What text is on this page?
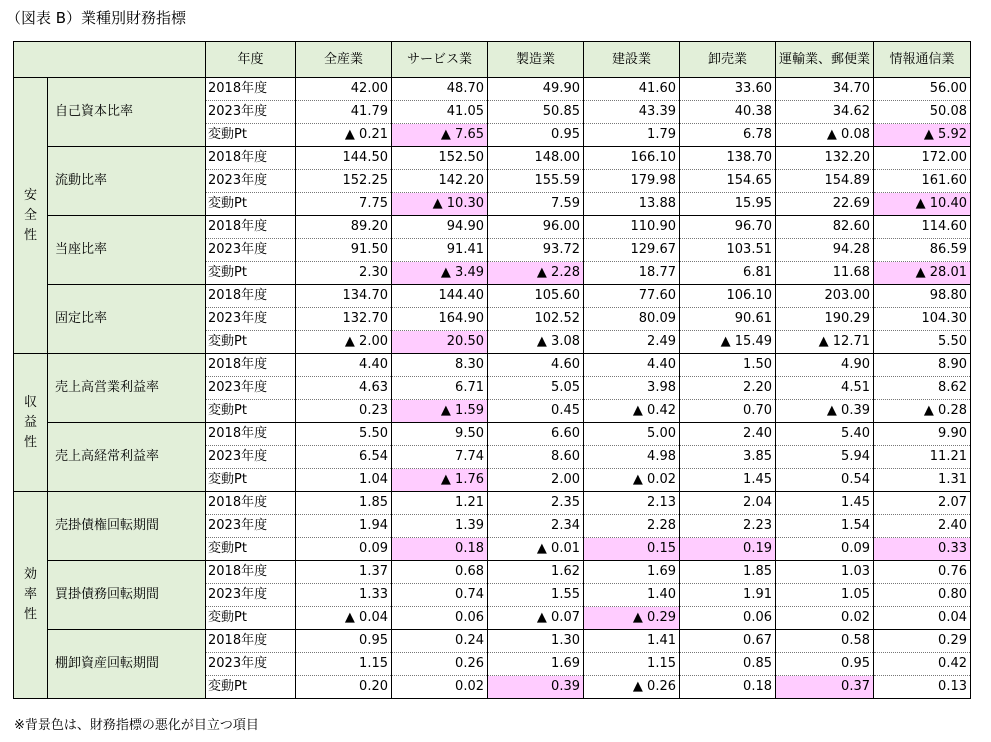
（図表 B）業種別財務指標
		年度	全産業	サービス業	製造業	建設業	卸売業	運輸業、郵便業	情報通信業

安全性	自己資本比率	2018年度	42.00	48.70	49.90	41.60	33.60	34.70	56.00
		2023年度	41.79	41.05	50.85	43.39	40.38	34.62	50.08
		変動Pt	▲ 0.21	▲ 7.65	0.95	1.79	6.78	▲ 0.08	▲ 5.92
	流動比率	2018年度	144.50	152.50	148.00	166.10	138.70	132.20	172.00
		2023年度	152.25	142.20	155.59	179.98	154.65	154.89	161.60
		変動Pt	7.75	▲ 10.30	7.59	13.88	15.95	22.69	▲ 10.40
	当座比率	2018年度	89.20	94.90	96.00	110.90	96.70	82.60	114.60
		2023年度	91.50	91.41	93.72	129.67	103.51	94.28	86.59
		変動Pt	2.30	▲ 3.49	▲ 2.28	18.77	6.81	11.68	▲ 28.01
	固定比率	2018年度	134.70	144.40	105.60	77.60	106.10	203.00	98.80
		2023年度	132.70	164.90	102.52	80.09	90.61	190.29	104.30
		変動Pt	▲ 2.00	20.50	▲ 3.08	2.49	▲ 15.49	▲ 12.71	5.50

収益性	売上高営業利益率	2018年度	4.40	8.30	4.60	4.40	1.50	4.90	8.90
		2023年度	4.63	6.71	5.05	3.98	2.20	4.51	8.62
		変動Pt	0.23	▲ 1.59	0.45	▲ 0.42	0.70	▲ 0.39	▲ 0.28
	売上高経常利益率	2018年度	5.50	9.50	6.60	5.00	2.40	5.40	9.90
		2023年度	6.54	7.74	8.60	4.98	3.85	5.94	11.21
		変動Pt	1.04	▲ 1.76	2.00	▲ 0.02	1.45	0.54	1.31

効率性	売掛債権回転期間	2018年度	1.85	1.21	2.35	2.13	2.04	1.45	2.07
		2023年度	1.94	1.39	2.34	2.28	2.23	1.54	2.40
		変動Pt	0.09	0.18	▲ 0.01	0.15	0.19	0.09	0.33
	買掛債務回転期間	2018年度	1.37	0.68	1.62	1.69	1.85	1.03	0.76
		2023年度	1.33	0.74	1.55	1.40	1.91	1.05	0.80
		変動Pt	▲ 0.04	0.06	▲ 0.07	▲ 0.29	0.06	0.02	0.04
	棚卸資産回転期間	2018年度	0.95	0.24	1.30	1.41	0.67	0.58	0.29
		2023年度	1.15	0.26	1.69	1.15	0.85	0.95	0.42
		変動Pt	0.20	0.02	0.39	▲ 0.26	0.18	0.37	0.13
※背景色は、財務指標の悪化が目立つ項目
